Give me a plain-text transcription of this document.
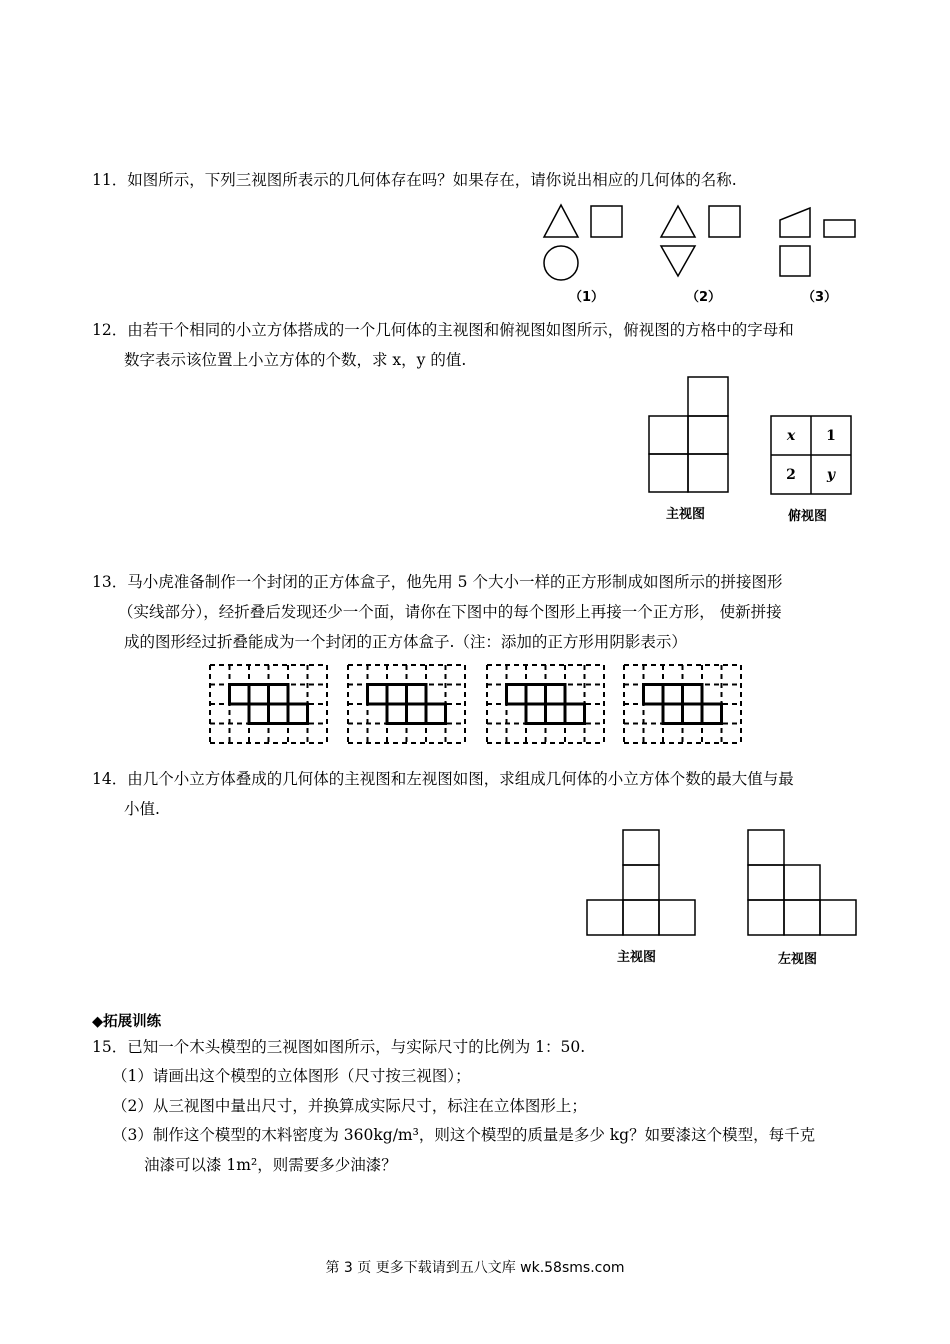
11．如图所示，下列三视图所表示的几何体存在吗？如果存在，请你说出相应的几何体的名称.
（1）	（2）	（3）
12．由若干个相同的小立方体搭成的一个几何体的主视图和俯视图如图所示，俯视图的方格中的字母和
数字表示该位置上小立方体的个数，求 x，y 的值.
x	1
2	y
主视图	俯视图
13．马小虎准备制作一个封闭的正方体盒子，他先用 5 个大小一样的正方形制成如图所示的拼接图形
（实线部分），经折叠后发现还少一个面，请你在下图中的每个图形上再接一个正方形， 使新拼接
成的图形经过折叠能成为一个封闭的正方体盒子.（注：添加的正方形用阴影表示）
14．由几个小立方体叠成的几何体的主视图和左视图如图，求组成几何体的小立方体个数的最大值与最
小值.
主视图	左视图
◆拓展训练
15．已知一个木头模型的三视图如图所示，与实际尺寸的比例为 1：50.
（1）请画出这个模型的立体图形（尺寸按三视图）；
（2）从三视图中量出尺寸，并换算成实际尺寸，标注在立体图形上；
（3）制作这个模型的木料密度为 360kg/m³，则这个模型的质量是多少 kg？如要漆这个模型，每千克
油漆可以漆 1m²，则需要多少油漆？
第 3 页 更多下载请到五八文库 wk.58sms.com
